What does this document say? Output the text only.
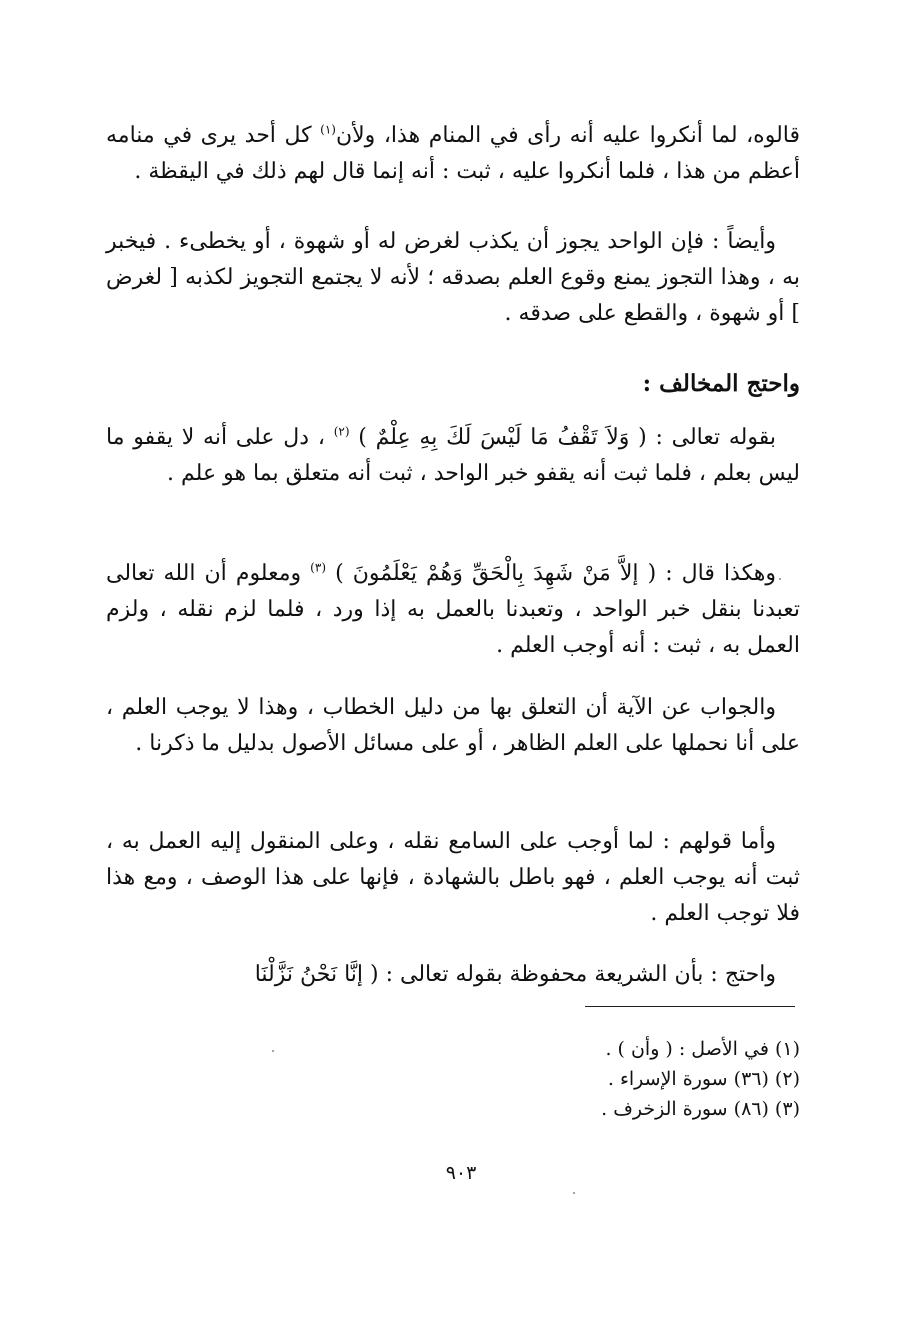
قالوه، لما أنكروا عليه أنه رأى في المنام هذا، ولأن$^{(١)}$ كل أحد يرى في منامه أعظم من هذا ، فلما أنكروا عليه ، ثبت : أنه إنما قال لهم ذلك في اليقظة .

وأيضاً : فإن الواحد يجوز أن يكذب لغرض له أو شهوة ، أو يخطىء . فيخبر به ، وهذا التجوز يمنع وقوع العلم بصدقه ؛ لأنه لا يجتمع التجويز لكذبه [ لغرض ] أو شهوة ، والقطع على صدقه .

واحتج المخالف :

بقوله تعالى : ( وَلاَ تَقْفُ مَا لَيْسَ لَكَ بِهِ عِلْمٌ ) $^{(٢)}$ ، دل على أنه لا يقفو ما ليس بعلم ، فلما ثبت أنه يقفو خبر الواحد ، ثبت أنه متعلق بما هو علم .

وهكذا قال : ( إلاَّ مَنْ شَهِدَ بِالْحَقِّ وَهُمْ يَعْلَمُونَ ) $^{(٣)}$ ومعلوم أن الله تعالى تعبدنا بنقل خبر الواحد ، وتعبدنا بالعمل به إذا ورد ، فلما لزم نقله ، ولزم العمل به ، ثبت : أنه أوجب العلم .

والجواب عن الآية أن التعلق بها من دليل الخطاب ، وهذا لا يوجب العلم ، على أنا نحملها على العلم الظاهر ، أو على مسائل الأصول بدليل ما ذكرنا .

وأما قولهم : لما أوجب على السامع نقله ، وعلى المنقول إليه العمل به ، ثبت أنه يوجب العلم ، فهو باطل بالشهادة ، فإنها على هذا الوصف ، ومع هذا فلا توجب العلم .

واحتج : بأن الشريعة محفوظة بقوله تعالى : ( إنَّا نَحْنُ نَزَّلْنَا

(١) في الأصل : ( وأن ) .

(٢) (٣٦) سورة الإسراء .

(٣) (٨٦) سورة الزخرف .

٩٠٣
